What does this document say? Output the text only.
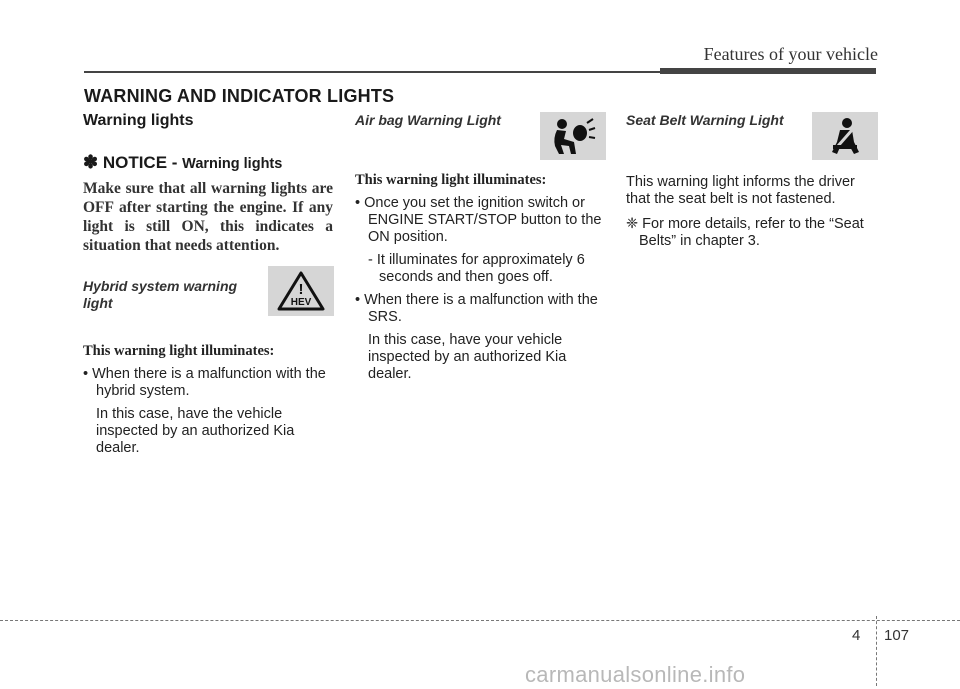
Features of your vehicle
WARNING AND INDICATOR LIGHTS
Warning lights
✽ NOTICE - Warning lights
Make sure that all warning lights are OFF after starting the engine. If any light is still ON, this indicates a situation that needs attention.
Hybrid system warning
light
!
HEV
This warning light illuminates:
• When there is a malfunction with the hybrid system.
In this case, have the vehicle inspected by an authorized Kia dealer.
Air bag Warning Light
This warning light illuminates:
• Once you set the ignition switch or ENGINE START/STOP button to the ON position.
- It illuminates for approximately 6 seconds and then goes off.
• When there is a malfunction with the SRS.
In this case, have your vehicle inspected by an authorized Kia dealer.
Seat Belt Warning Light
This warning light informs the driver that the seat belt is not fastened.
❈ For more details, refer to the “Seat Belts” in chapter 3.
4 107
carmanualsonline.info
